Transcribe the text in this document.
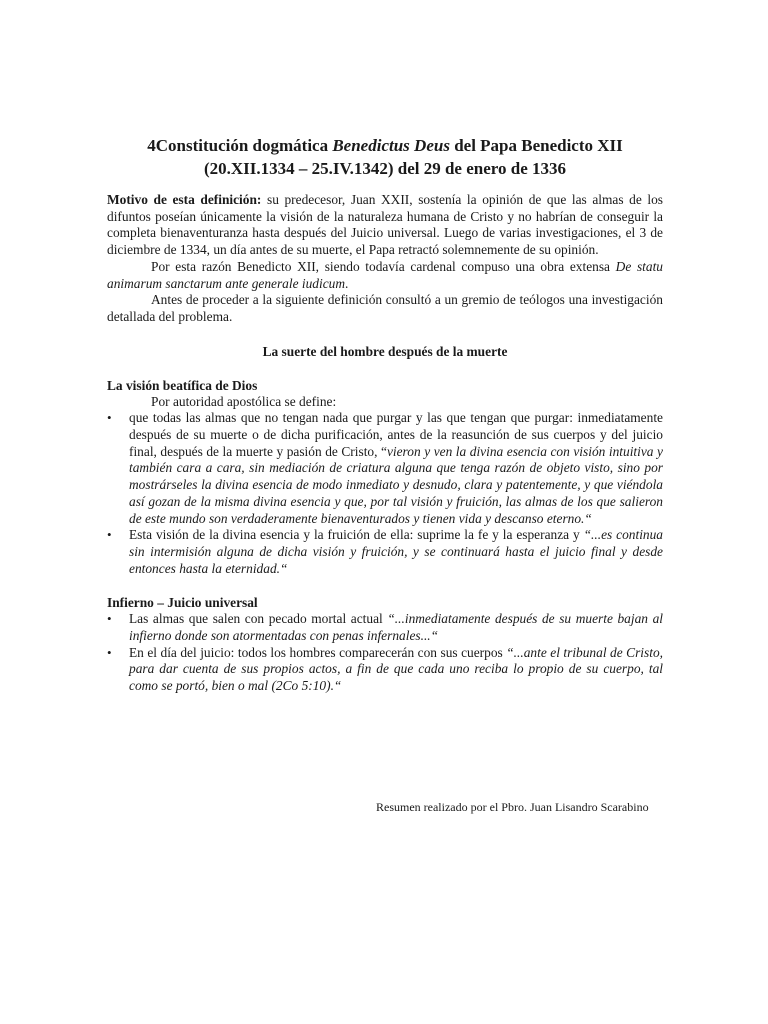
4Constitución dogmática Benedictus Deus del Papa Benedicto XII
(20.XII.1334 – 25.IV.1342) del 29 de enero de 1336

Motivo de esta definición: su predecesor, Juan XXII, sostenía la opinión de que las almas de los difuntos poseían únicamente la visión de la naturaleza humana de Cristo y no habrían de conseguir la completa bienaventuranza hasta después del Juicio universal. Luego de varias investigaciones, el 3 de diciembre de 1334, un día antes de su muerte, el Papa retractó solemnemente de su opinión.

Por esta razón Benedicto XII, siendo todavía cardenal compuso una obra extensa De statu animarum sanctarum ante generale iudicum.

Antes de proceder a la siguiente definición consultó a un gremio de teólogos una investigación detallada del problema.

La suerte del hombre después de la muerte
La visión beatífica de Dios

Por autoridad apostólica se define:

• que todas las almas que no tengan nada que purgar y las que tengan que purgar: inmediatamente después de su muerte o de dicha purificación, antes de la reasunción de sus cuerpos y del juicio final, después de la muerte y pasión de Cristo, “vieron y ven la divina esencia con visión intuitiva y también cara a cara, sin mediación de criatura alguna que tenga razón de objeto visto, sino por mostrárseles la divina esencia de modo inmediato y desnudo, clara y patentemente, y que viéndola así gozan de la misma divina esencia y que, por tal visión y fruición, las almas de los que salieron de este mundo son verdaderamente bienaventurados y tienen vida y descanso eterno.“
• Esta visión de la divina esencia y la fruición de ella: suprime la fe y la esperanza y “...es continua sin intermisión alguna de dicha visión y fruición, y se continuará hasta el juicio final y desde entonces hasta la eternidad.“
Infierno – Juicio universal
• Las almas que salen con pecado mortal actual “...inmediatamente después de su muerte bajan al infierno donde son atormentadas con penas infernales...“
• En el día del juicio: todos los hombres comparecerán con sus cuerpos “...ante el tribunal de Cristo, para dar cuenta de sus propios actos, a fin de que cada uno reciba lo propio de su cuerpo, tal como se portó, bien o mal (2Co 5:10).“
Resumen realizado por el Pbro. Juan Lisandro Scarabino
